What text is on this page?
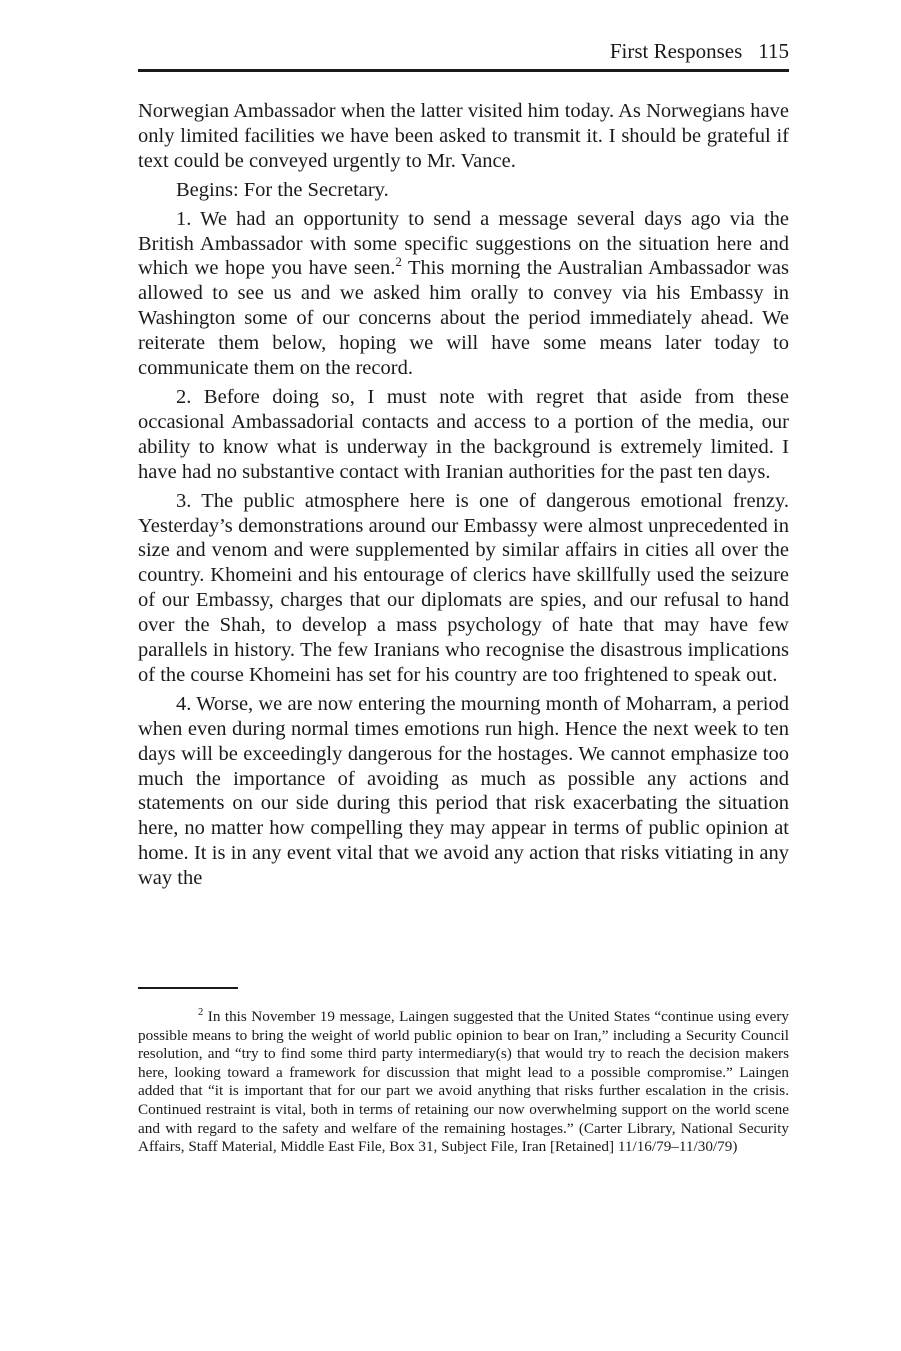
First Responses 115

Norwegian Ambassador when the latter visited him today. As Norwegians have only limited facilities we have been asked to transmit it. I should be grateful if text could be conveyed urgently to Mr. Vance.

Begins: For the Secretary.

1. We had an opportunity to send a message several days ago via the British Ambassador with some specific suggestions on the situation here and which we hope you have seen.$^2$ This morning the Australian Ambassador was allowed to see us and we asked him orally to convey via his Embassy in Washington some of our concerns about the period immediately ahead. We reiterate them below, hoping we will have some means later today to communicate them on the record.

2. Before doing so, I must note with regret that aside from these occasional Ambassadorial contacts and access to a portion of the media, our ability to know what is underway in the background is extremely limited. I have had no substantive contact with Iranian authorities for the past ten days.

3. The public atmosphere here is one of dangerous emotional frenzy. Yesterday’s demonstrations around our Embassy were almost unprecedented in size and venom and were supplemented by similar affairs in cities all over the country. Khomeini and his entourage of clerics have skillfully used the seizure of our Embassy, charges that our diplomats are spies, and our refusal to hand over the Shah, to develop a mass psychology of hate that may have few parallels in history. The few Iranians who recognise the disastrous implications of the course Khomeini has set for his country are too frightened to speak out.

4. Worse, we are now entering the mourning month of Moharram, a period when even during normal times emotions run high. Hence the next week to ten days will be exceedingly dangerous for the hostages. We cannot emphasize too much the importance of avoiding as much as possible any actions and statements on our side during this period that risk exacerbating the situation here, no matter how compelling they may appear in terms of public opinion at home. It is in any event vital that we avoid any action that risks vitiating in any way the

$^2$ In this November 19 message, Laingen suggested that the United States “continue using every possible means to bring the weight of world public opinion to bear on Iran,” including a Security Council resolution, and “try to find some third party intermediary(s) that would try to reach the decision makers here, looking toward a framework for discussion that might lead to a possible compromise.” Laingen added that “it is important that for our part we avoid anything that risks further escalation in the crisis. Continued restraint is vital, both in terms of retaining our now overwhelming support on the world scene and with regard to the safety and welfare of the remaining hostages.” (Carter Library, National Security Affairs, Staff Material, Middle East File, Box 31, Subject File, Iran [Retained] 11/16/79–11/30/79)
